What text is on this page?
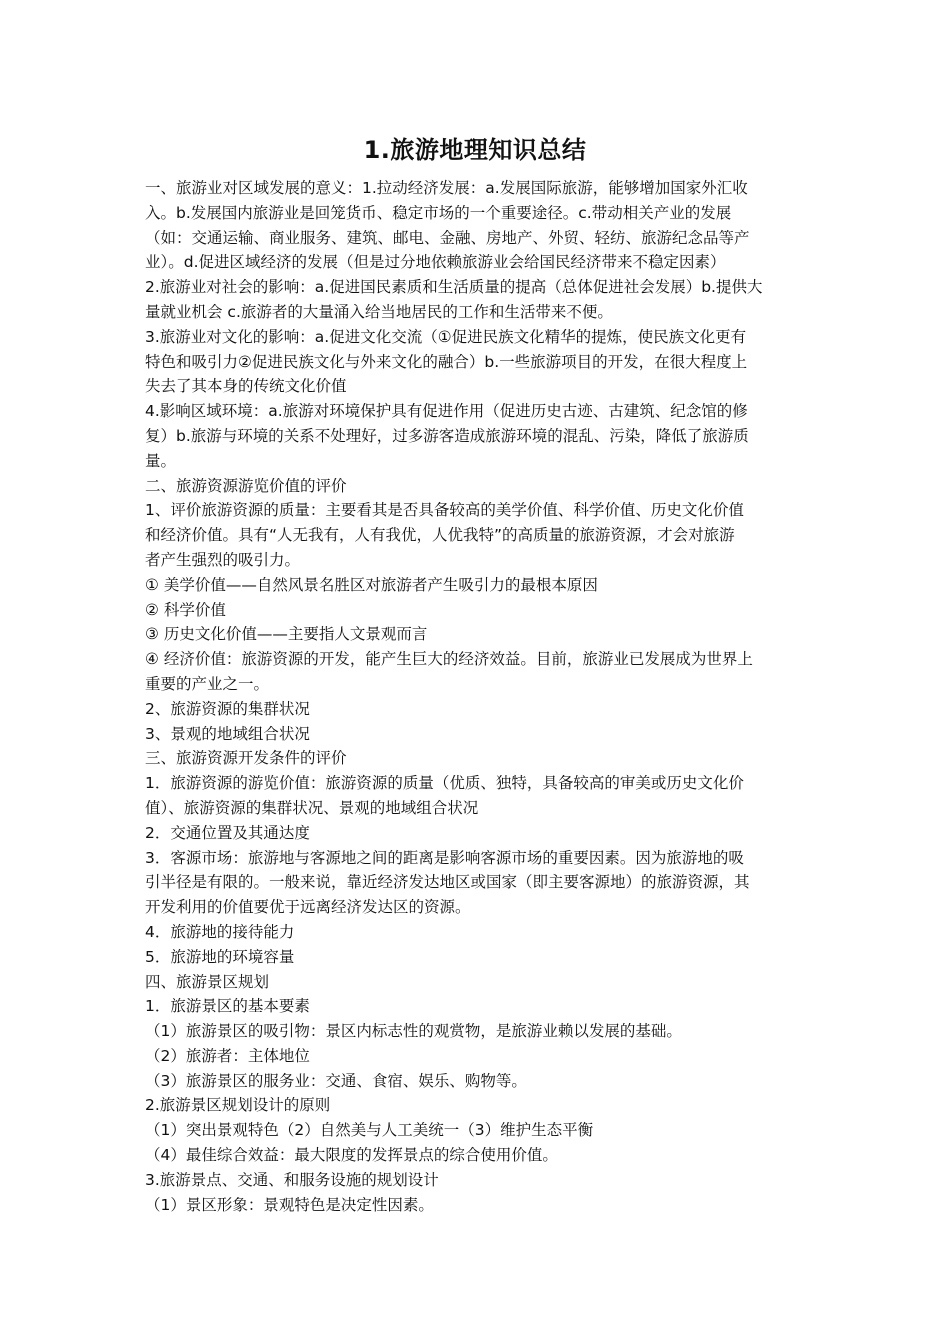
1.旅游地理知识总结
一、旅游业对区域发展的意义：1.拉动经济发展：a.发展国际旅游，能够增加国家外汇收
入。b.发展国内旅游业是回笼货币、稳定市场的一个重要途径。c.带动相关产业的发展
（如：交通运输、商业服务、建筑、邮电、金融、房地产、外贸、轻纺、旅游纪念品等产
业）。d.促进区域经济的发展（但是过分地依赖旅游业会给国民经济带来不稳定因素）
2.旅游业对社会的影响：a.促进国民素质和生活质量的提高（总体促进社会发展）b.提供大
量就业机会 c.旅游者的大量涌入给当地居民的工作和生活带来不便。
3.旅游业对文化的影响：a.促进文化交流（①促进民族文化精华的提炼，使民族文化更有
特色和吸引力②促进民族文化与外来文化的融合）b.一些旅游项目的开发，在很大程度上
失去了其本身的传统文化价值
4.影响区域环境：a.旅游对环境保护具有促进作用（促进历史古迹、古建筑、纪念馆的修
复）b.旅游与环境的关系不处理好，过多游客造成旅游环境的混乱、污染，降低了旅游质
量。
二、旅游资源游览价值的评价
1、评价旅游资源的质量：主要看其是否具备较高的美学价值、科学价值、历史文化价值
和经济价值。具有“人无我有，人有我优，人优我特”的高质量的旅游资源，才会对旅游
者产生强烈的吸引力。
① 美学价值——自然风景名胜区对旅游者产生吸引力的最根本原因
② 科学价值
③ 历史文化价值——主要指人文景观而言
④ 经济价值：旅游资源的开发，能产生巨大的经济效益。目前，旅游业已发展成为世界上
重要的产业之一。
2、旅游资源的集群状况
3、景观的地域组合状况
三、旅游资源开发条件的评价
1．旅游资源的游览价值：旅游资源的质量（优质、独特，具备较高的审美或历史文化价
值）、旅游资源的集群状况、景观的地域组合状况
2．交通位置及其通达度
3．客源市场：旅游地与客源地之间的距离是影响客源市场的重要因素。因为旅游地的吸
引半径是有限的。一般来说，靠近经济发达地区或国家（即主要客源地）的旅游资源，其
开发利用的价值要优于远离经济发达区的资源。
4．旅游地的接待能力
5．旅游地的环境容量
四、旅游景区规划
1．旅游景区的基本要素
（1）旅游景区的吸引物：景区内标志性的观赏物，是旅游业赖以发展的基础。
（2）旅游者：主体地位
（3）旅游景区的服务业：交通、食宿、娱乐、购物等。
2.旅游景区规划设计的原则
（1）突出景观特色（2）自然美与人工美统一（3）维护生态平衡
（4）最佳综合效益：最大限度的发挥景点的综合使用价值。
3.旅游景点、交通、和服务设施的规划设计
（1）景区形象：景观特色是决定性因素。
